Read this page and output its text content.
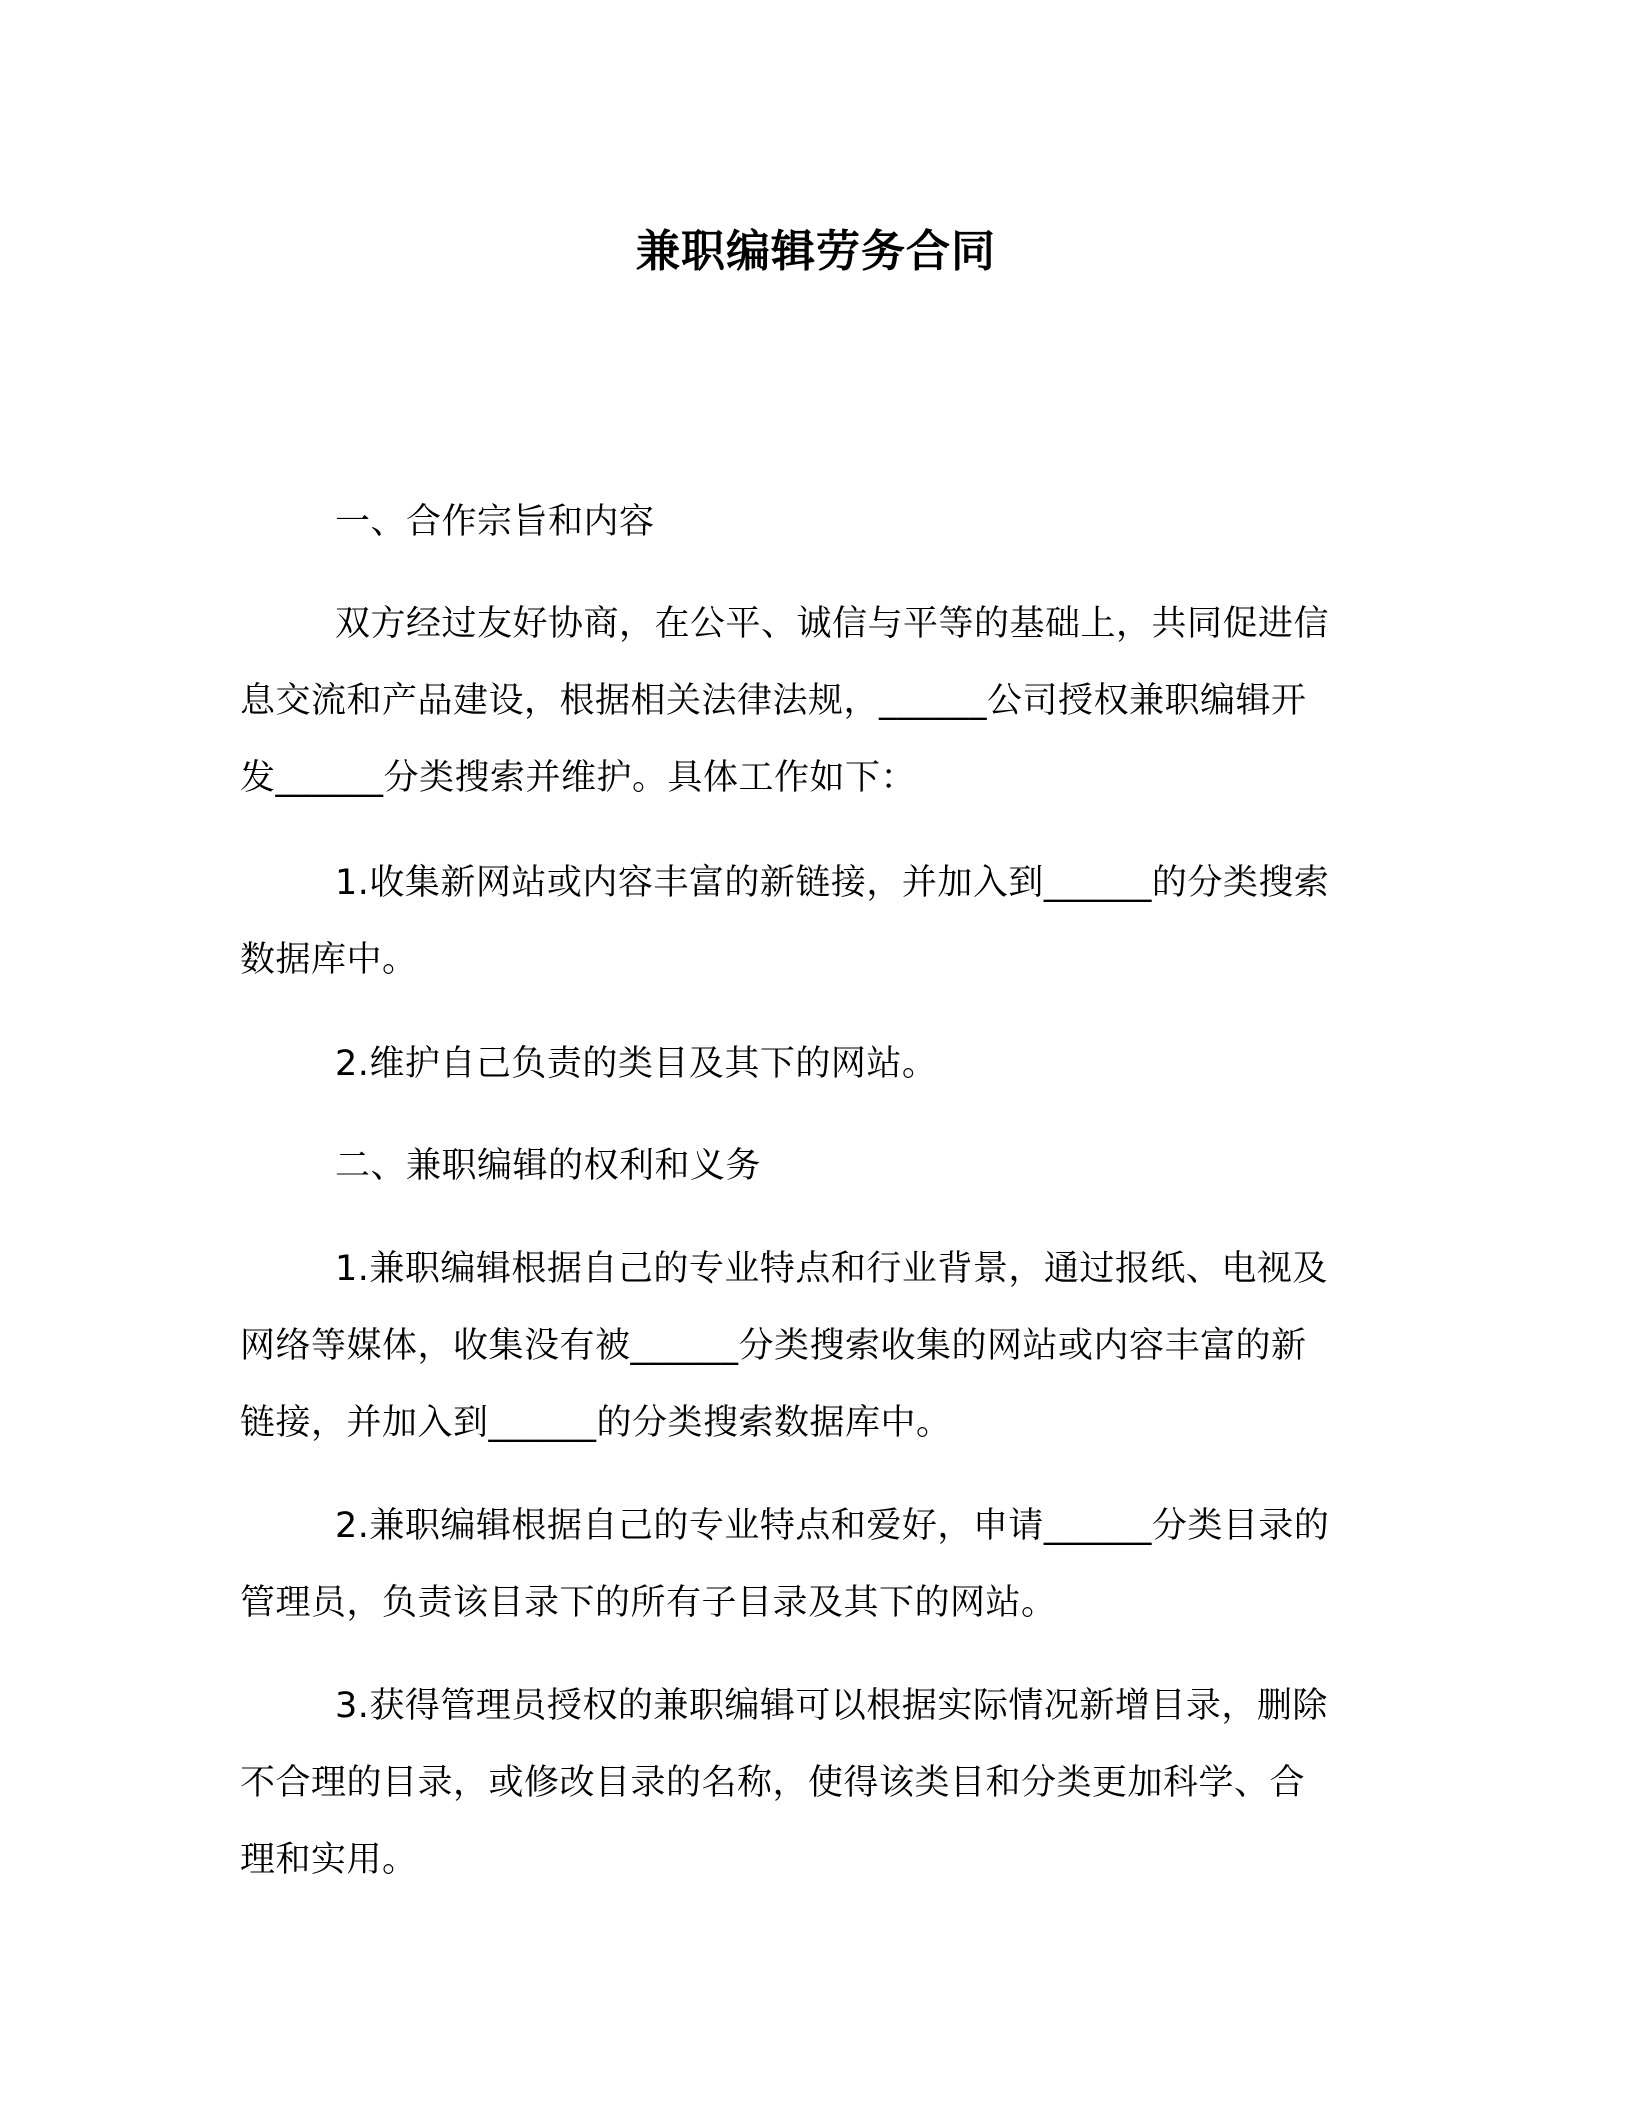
兼职编辑劳务合同
一、合作宗旨和内容
双方经过友好协商，在公平、诚信与平等的基础上，共同促进信
息交流和产品建设，根据相关法律法规，______公司授权兼职编辑开
发______分类搜索并维护。具体工作如下：
1.收集新网站或内容丰富的新链接，并加入到______的分类搜索
数据库中。
2.维护自己负责的类目及其下的网站。
二、兼职编辑的权利和义务
1.兼职编辑根据自己的专业特点和行业背景，通过报纸、电视及
网络等媒体，收集没有被______分类搜索收集的网站或内容丰富的新
链接，并加入到______的分类搜索数据库中。
2.兼职编辑根据自己的专业特点和爱好，申请______分类目录的
管理员，负责该目录下的所有子目录及其下的网站。
3.获得管理员授权的兼职编辑可以根据实际情况新增目录，删除
不合理的目录，或修改目录的名称，使得该类目和分类更加科学、合
理和实用。
